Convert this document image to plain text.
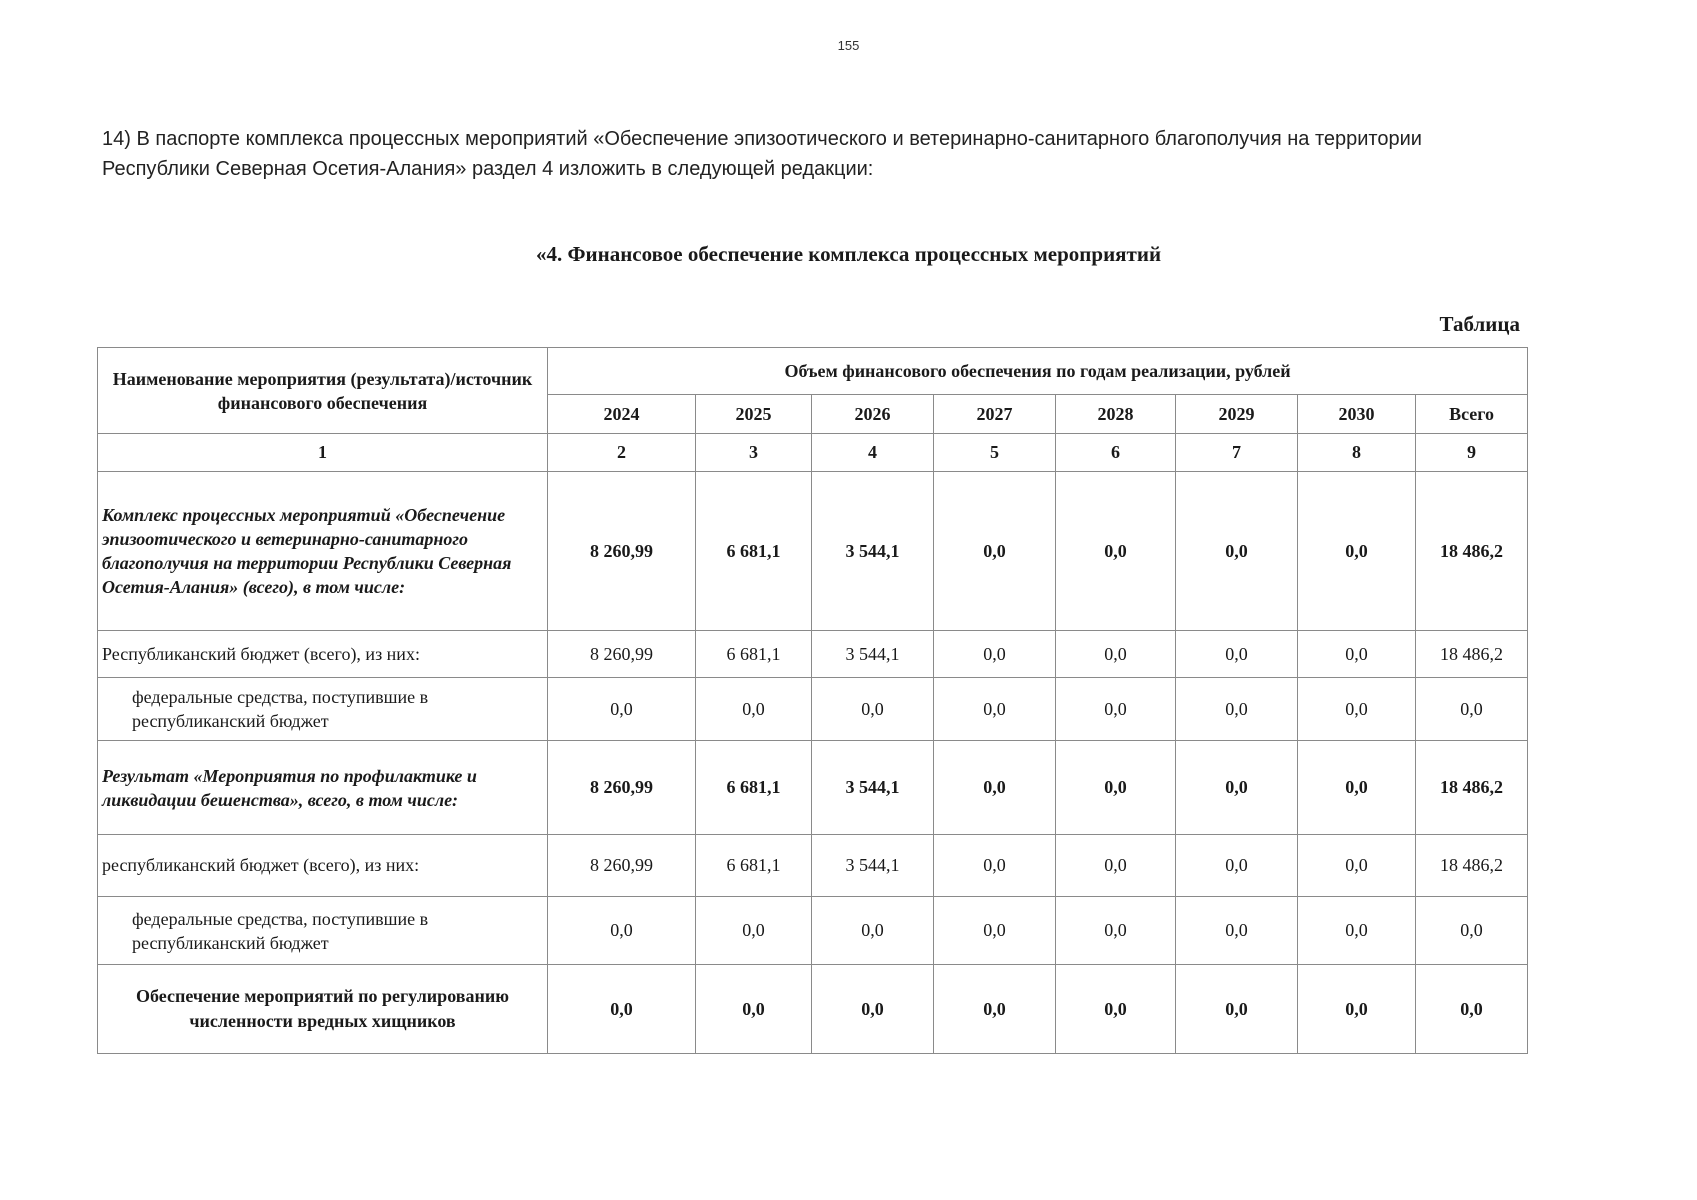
155
14) В паспорте комплекса процессных мероприятий «Обеспечение эпизоотического и ветеринарно-санитарного благополучия на территории Республики Северная Осетия-Алания» раздел 4 изложить в следующей редакции:
«4. Финансовое обеспечение комплекса процессных мероприятий
Таблица
Наименование мероприятия (результата)/источник финансового обеспечения	Объем финансового обеспечения по годам реализации, рублей							
	2024	2025	2026	2027	2028	2029	2030	Всего
1	2	3	4	5	6	7	8	9
Комплекс процессных мероприятий «Обеспечение эпизоотического и ветеринарно-санитарного благополучия на территории Республики Северная Осетия-Алания» (всего), в том числе:	8 260,99	6 681,1	3 544,1	0,0	0,0	0,0	0,0	18 486,2
Республиканский бюджет (всего), из них:	8 260,99	6 681,1	3 544,1	0,0	0,0	0,0	0,0	18 486,2
федеральные средства, поступившие в республиканский бюджет	0,0	0,0	0,0	0,0	0,0	0,0	0,0	0,0
Результат «Мероприятия по профилактике и ликвидации бешенства», всего, в том числе:	8 260,99	6 681,1	3 544,1	0,0	0,0	0,0	0,0	18 486,2
республиканский бюджет (всего), из них:	8 260,99	6 681,1	3 544,1	0,0	0,0	0,0	0,0	18 486,2
федеральные средства, поступившие в республиканский бюджет	0,0	0,0	0,0	0,0	0,0	0,0	0,0	0,0
Обеспечение мероприятий по регулированию численности вредных хищников	0,0	0,0	0,0	0,0	0,0	0,0	0,0	0,0
